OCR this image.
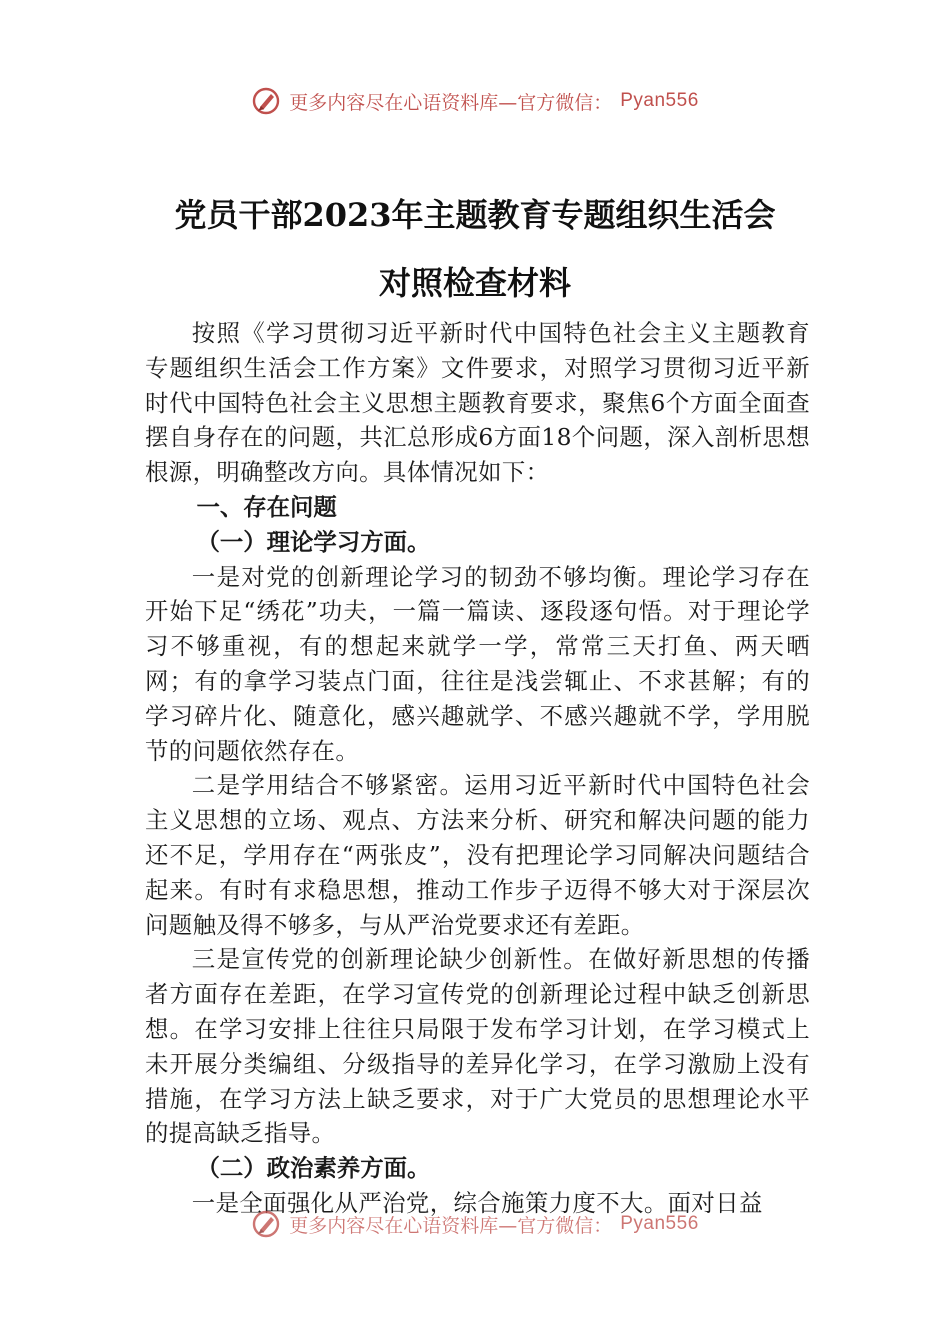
更多内容尽在心语资料库—官方微信： Pyan556
党员干部2023年主题教育专题组织生活会
对照检查材料

按照《学习贯彻习近平新时代中国特色社会主义主题教育专题组织生活会工作方案》文件要求，对照学习贯彻习近平新时代中国特色社会主义思想主题教育要求，聚焦6个方面全面查摆自身存在的问题，共汇总形成6方面18个问题，深入剖析思想根源，明确整改方向。具体情况如下：

一、存在问题

（一）理论学习方面。

一是对党的创新理论学习的韧劲不够均衡。理论学习存在开始下足“绣花”功夫，一篇一篇读、逐段逐句悟。对于理论学习不够重视，有的想起来就学一学，常常三天打鱼、两天晒网；有的拿学习装点门面，往往是浅尝辄止、不求甚解；有的学习碎片化、随意化，感兴趣就学、不感兴趣就不学，学用脱节的问题依然存在。

二是学用结合不够紧密。运用习近平新时代中国特色社会主义思想的立场、观点、方法来分析、研究和解决问题的能力还不足，学用存在“两张皮”，没有把理论学习同解决问题结合起来。有时有求稳思想，推动工作步子迈得不够大对于深层次问题触及得不够多，与从严治党要求还有差距。

三是宣传党的创新理论缺少创新性。在做好新思想的传播者方面存在差距，在学习宣传党的创新理论过程中缺乏创新思想。在学习安排上往往只局限于发布学习计划，在学习模式上未开展分类编组、分级指导的差异化学习，在学习激励上没有措施，在学习方法上缺乏要求，对于广大党员的思想理论水平的提高缺乏指导。

（二）政治素养方面。

一是全面强化从严治党，综合施策力度不大。面对日益

更多内容尽在心语资料库—官方微信： Pyan556
